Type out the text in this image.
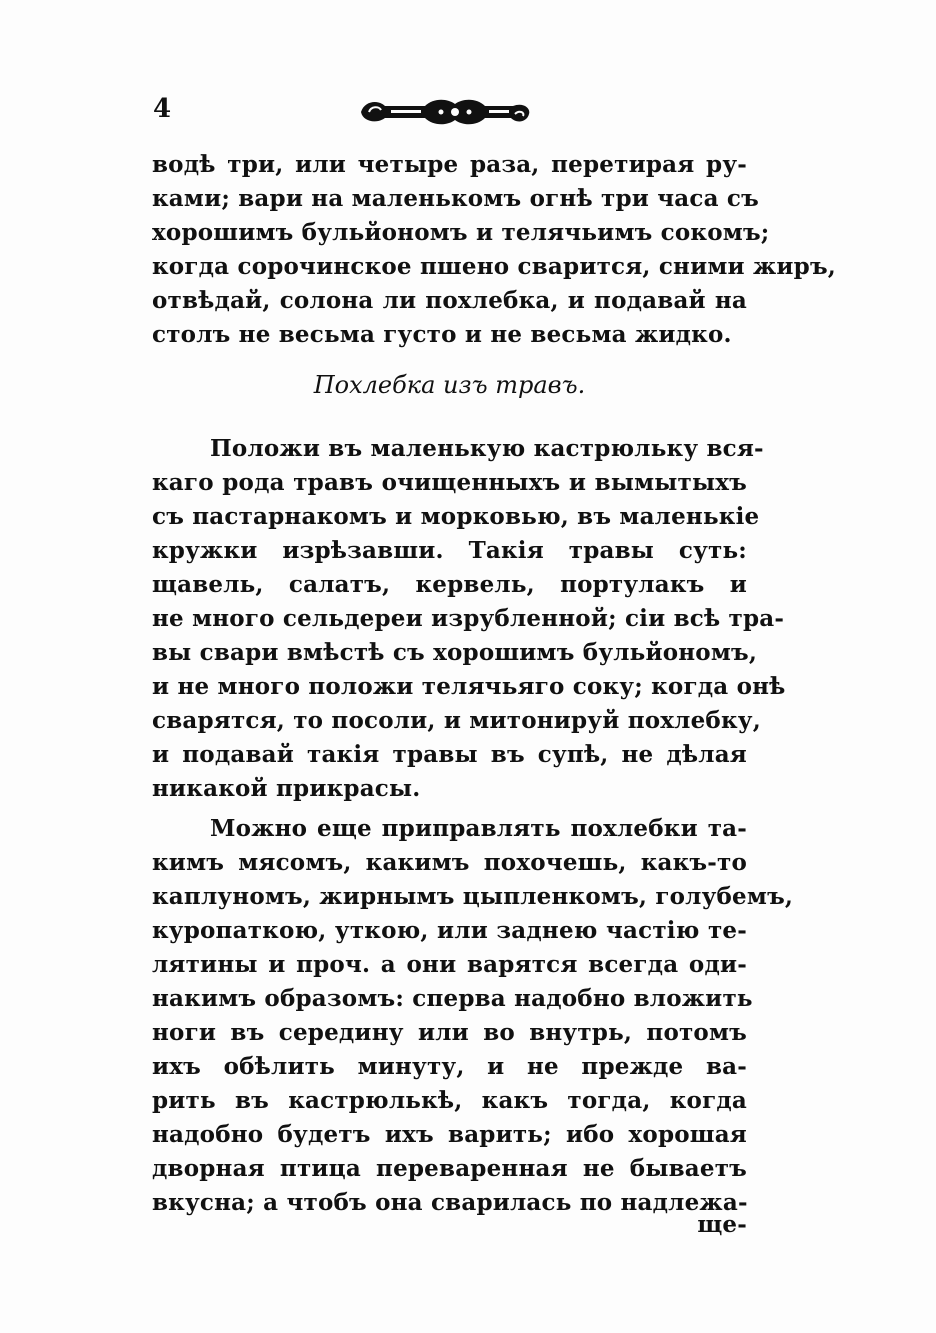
4
водѣ три, или четыре раза, перетирая ру-
ками; вари на маленькомъ огнѣ три часа съ
хорошимъ бульйономъ и телячьимъ сокомъ;
когда сорочинское пшено сварится, сними жиръ,
отвѣдай, солона ли похлебка, и подавай на
столъ не весьма густо и не весьма жидко.
Похлебка изъ травъ.
Положи въ маленькую кастрюльку вся-
каго рода травъ очищенныхъ и вымытыхъ
съ пастарнакомъ и морковью, въ маленькіе
кружки изрѣзавши. Такія травы суть:
щавель, салатъ, кервель, портулакъ и
не много сельдереи изрубленной; сіи всѣ тра-
вы свари вмѣстѣ съ хорошимъ бульйономъ,
и не много положи телячьяго соку; когда онѣ
сварятся, то посоли, и митонируй похлебку,
и подавай такія травы въ супѣ, не дѣлая
никакой прикрасы.
Можно еще приправлять похлебки та-
кимъ мясомъ, какимъ похочешь, какъ-то
каплуномъ, жирнымъ цыпленкомъ, голубемъ,
куропаткою, уткою, или заднею частію те-
лятины и проч. а они варятся всегда оди-
накимъ образомъ: сперва надобно вложить
ноги въ середину или во внутрь, потомъ
ихъ обѣлить минуту, и не прежде ва-
рить въ кастрюлькѣ, какъ тогда, когда
надобно будетъ ихъ варить; ибо хорошая
дворная птица переваренная не бываетъ
вкусна; а чтобъ она сварилась по надлежа-
ще-
